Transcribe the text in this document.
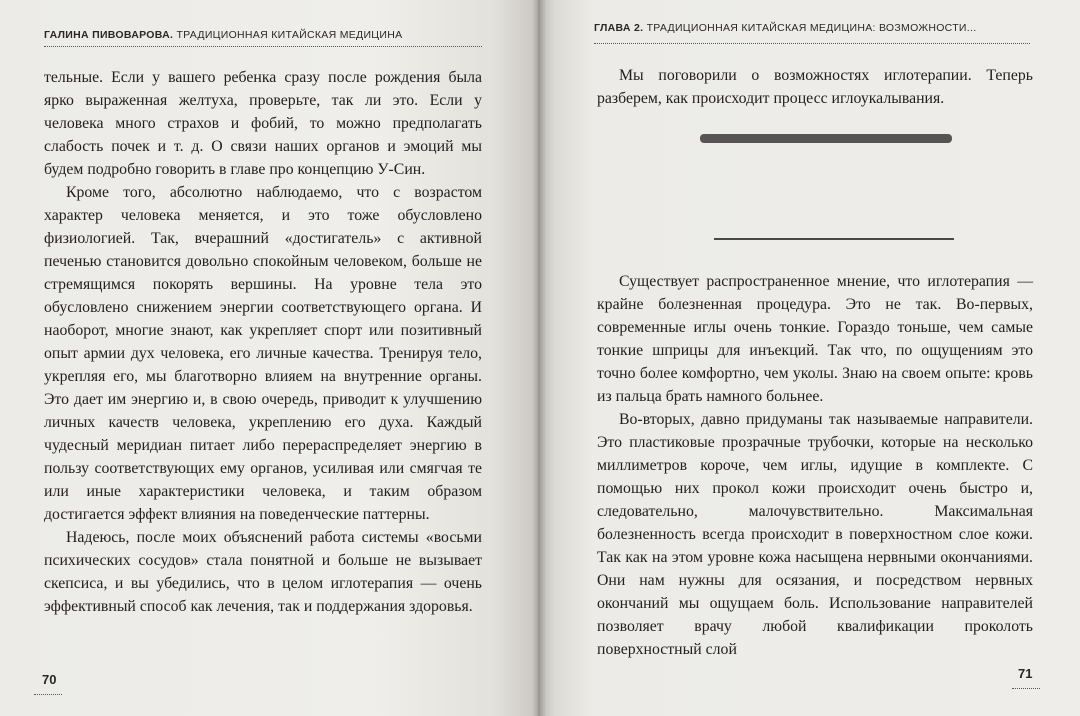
ГАЛИНА ПИВОВАРОВА. ТРАДИЦИОННАЯ КИТАЙСКАЯ МЕДИЦИНА

тельные. Если у вашего ребенка сразу после рождения была ярко выраженная желтуха, проверьте, так ли это. Если у человека много страхов и фобий, то можно предполагать слабость почек и т. д. О связи наших органов и эмоций мы будем подробно говорить в главе про концепцию У-Син.

Кроме того, абсолютно наблюдаемо, что с возрастом характер человека меняется, и это тоже обусловлено физиологией. Так, вчерашний «достигатель» с активной печенью становится довольно спокойным человеком, больше не стремящимся покорять вершины. На уровне тела это обусловлено снижением энергии соответствующего органа. И наоборот, многие знают, как укрепляет спорт или позитивный опыт армии дух человека, его личные качества. Тренируя тело, укрепляя его, мы благотворно влияем на внутренние органы. Это дает им энергию и, в свою очередь, приводит к улучшению личных качеств человека, укреплению его духа. Каждый чудесный меридиан питает либо перераспределяет энергию в пользу соответствующих ему органов, усиливая или смягчая те или иные характеристики человека, и таким образом достигается эффект влияния на поведенческие паттерны.

Надеюсь, после моих объяснений работа системы «восьми психических сосудов» стала понятной и больше не вызывает скепсиса, и вы убедились, что в целом иглотерапия — очень эффективный способ как лечения, так и поддержания здоровья.

70
ГЛАВА 2. ТРАДИЦИОННАЯ КИТАЙСКАЯ МЕДИЦИНА: ВОЗМОЖНОСТИ...

Мы поговорили о возможностях иглотерапии. Теперь разберем, как происходит процесс иглоукалывания.

Существует распространенное мнение, что иглотерапия — крайне болезненная процедура. Это не так. Во-первых, современные иглы очень тонкие. Гораздо тоньше, чем самые тонкие шприцы для инъекций. Так что, по ощущениям это точно более комфортно, чем уколы. Знаю на своем опыте: кровь из пальца брать намного больнее.

Во-вторых, давно придуманы так называемые направители. Это пластиковые прозрачные трубочки, которые на несколько миллиметров короче, чем иглы, идущие в комплекте. С помощью них прокол кожи происходит очень быстро и, следовательно, малочувствительно. Максимальная болезненность всегда происходит в поверхностном слое кожи. Так как на этом уровне кожа насыщена нервными окончаниями. Они нам нужны для осязания, и посредством нервных окончаний мы ощущаем боль. Использование направителей позволяет врачу любой квалификации проколоть поверхностный слой

71
